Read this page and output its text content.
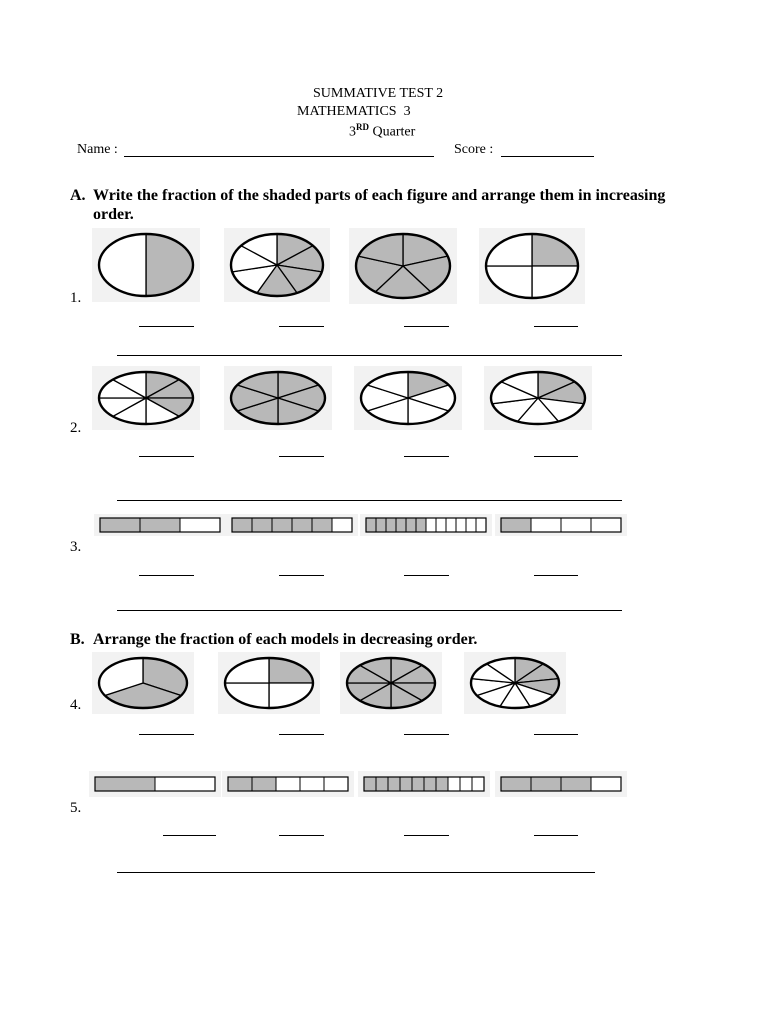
SUMMATIVE TEST 2
MATHEMATICS  3
3RD Quarter
Name :	Score :
A. Write the fraction of the shaded parts of each figure and arrange them in increasing
order.
1.
2.
3.
B. Arrange the fraction of each models in decreasing order.
4.
5.
